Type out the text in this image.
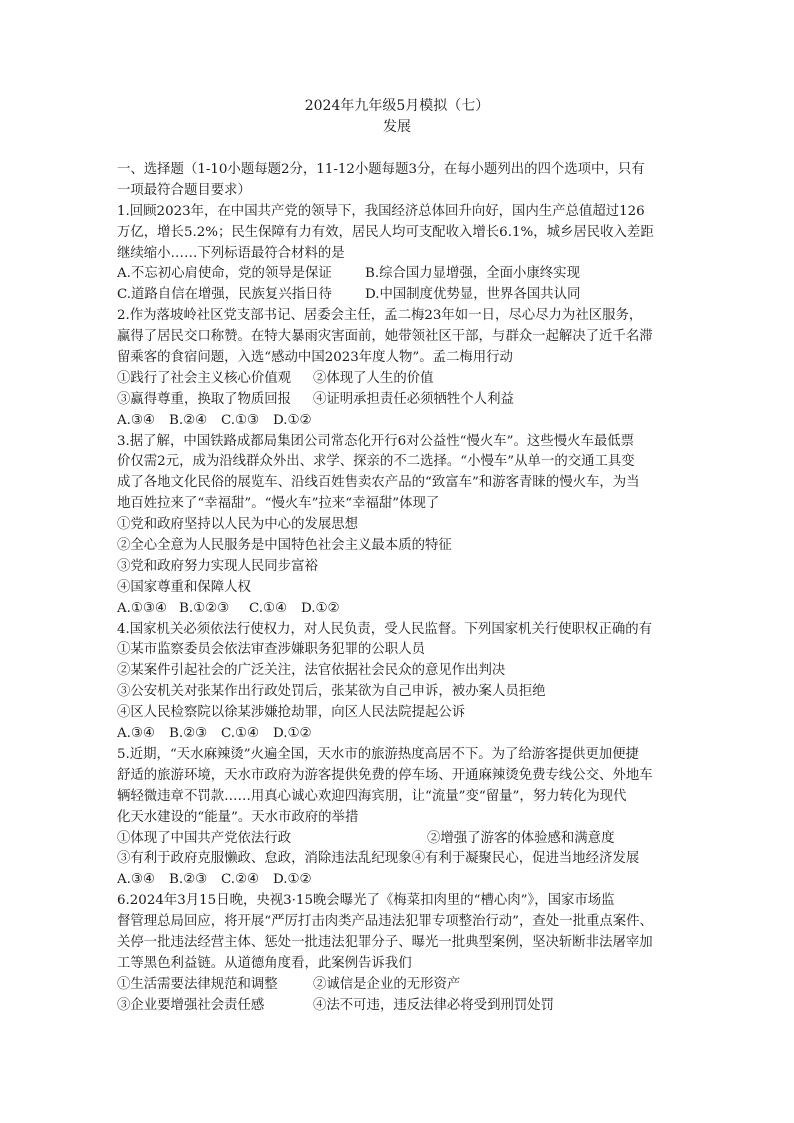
2024年九年级5月模拟（七）
发展
一、选择题（1-10小题每题2分，11-12小题每题3分，在每小题列出的四个选项中，只有
一项最符合题目要求）
1.回顾2023年，在中国共产党的领导下，我国经济总体回升向好，国内生产总值超过126
万亿，增长5.2%；民生保障有力有效，居民人均可支配收入增长6.1%，城乡居民收入差距
继续缩小……下列标语最符合材料的是
A.不忘初心肩使命，党的领导是保证 B.综合国力显增强，全面小康终实现
C.道路自信在增强，民族复兴指日待 D.中国制度优势显，世界各国共认同
2.作为落坡岭社区党支部书记、居委会主任，孟二梅23年如一日，尽心尽力为社区服务，
赢得了居民交口称赞。在特大暴雨灾害面前，她带领社区干部，与群众一起解决了近千名滞
留乘客的食宿问题，入选“感动中国2023年度人物”。孟二梅用行动
①践行了社会主义核心价值观 ②体现了人生的价值
③赢得尊重，换取了物质回报 ④证明承担责任必须牺牲个人利益
A.③④ B.②④ C.①③ D.①②
3.据了解，中国铁路成都局集团公司常态化开行6对公益性“慢火车”。这些慢火车最低票
价仅需2元，成为沿线群众外出、求学、探亲的不二选择。“小慢车”从单一的交通工具变
成了各地文化民俗的展览车、沿线百姓售卖农产品的“致富车”和游客青睐的慢火车，为当
地百姓拉来了“幸福甜”。“慢火车”拉来“幸福甜”体现了
①党和政府坚持以人民为中心的发展思想
②全心全意为人民服务是中国特色社会主义最本质的特征
③党和政府努力实现人民同步富裕
④国家尊重和保障人权
A.①③④ B.①②③ C.①④ D.①②
4.国家机关必须依法行使权力，对人民负责，受人民监督。下列国家机关行使职权正确的有
①某市监察委员会依法审查涉嫌职务犯罪的公职人员
②某案件引起社会的广泛关注，法官依据社会民众的意见作出判决
③公安机关对张某作出行政处罚后，张某欲为自己申诉，被办案人员拒绝
④区人民检察院以徐某涉嫌抢劫罪，向区人民法院提起公诉
A.③④ B.②③ C.①④ D.①②
5.近期，“天水麻辣烫”火遍全国，天水市的旅游热度高居不下。为了给游客提供更加便捷
舒适的旅游环境，天水市政府为游客提供免费的停车场、开通麻辣烫免费专线公交、外地车
辆轻微违章不罚款……用真心诚心欢迎四海宾朋，让“流量”变“留量”，努力转化为现代
化天水建设的“能量”。天水市政府的举措
①体现了中国共产党依法行政	②增强了游客的体验感和满意度
③有利于政府克服懒政、怠政，消除违法乱纪现象④有利于凝聚民心，促进当地经济发展
A.③④ B.②③ C.②④ D.①②
6.2024年3月15日晚，央视3·15晚会曝光了《梅菜扣肉里的“槽心肉”》，国家市场监
督管理总局回应，将开展“严厉打击肉类产品违法犯罪专项整治行动”，查处一批重点案件、
关停一批违法经营主体、惩处一批违法犯罪分子、曝光一批典型案例，坚决斩断非法屠宰加
工等黑色利益链。从道德角度看，此案例告诉我们
①生活需要法律规范和调整	②诚信是企业的无形资产
③企业要增强社会责任感	④法不可违，违反法律必将受到刑罚处罚
